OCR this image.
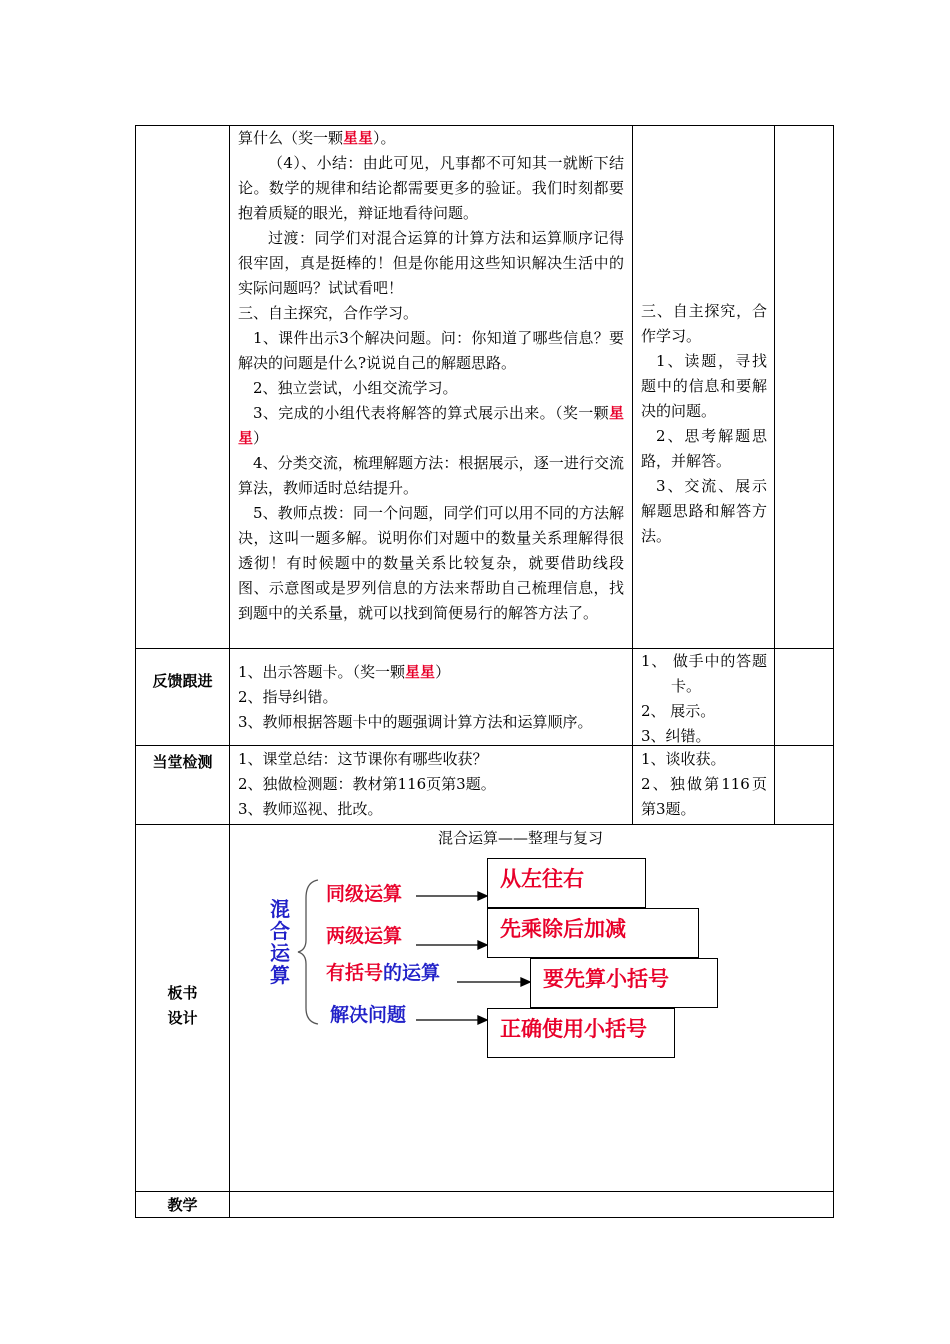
算什么（奖一颗星星）。

（4）、小结：由此可见，凡事都不可知其一就断下结论。数学的规律和结论都需要更多的验证。我们时刻都要抱着质疑的眼光，辩证地看待问题。

过渡：同学们对混合运算的计算方法和运算顺序记得很牢固，真是挺棒的！但是你能用这些知识解决生活中的实际问题吗？试试看吧！

三、自主探究，合作学习。

1、课件出示3个解决问题。问：你知道了哪些信息？要解决的问题是什么?说说自己的解题思路。

2、独立尝试，小组交流学习。

3、完成的小组代表将解答的算式展示出来。（奖一颗星星）

4、分类交流，梳理解题方法：根据展示，逐一进行交流算法，教师适时总结提升。

5、教师点拨：同一个问题，同学们可以用不同的方法解决，这叫一题多解。说明你们对题中的数量关系理解得很透彻！有时候题中的数量关系比较复杂，就要借助线段图、示意图或是罗列信息的方法来帮助自己梳理信息，找到题中的关系量，就可以找到简便易行的解答方法了。

三、自主探究，合作学习。

1、读题，寻找题中的信息和要解决的问题。

2、思考解题思路，并解答。

3、交流、展示解题思路和解答方法。

反馈跟进	1、出示答题卡。（奖一颗星星）

2、指导纠错。

3、教师根据答题卡中的题强调计算方法和运算顺序。

1、 做手中的答题卡。

2、 展示。

3、纠错。

当堂检测	1、课堂总结：这节课你有哪些收获？

2、独做检测题：教材第116页第3题。

3、教师巡视、批改。

1、谈收获。

2、独做第116页第3题。

板书
设计
混合运算——整理与复习
混合运算
同级运算
两级运算
有括号的运算
解决问题
从左往右
先乘除后加减
要先算小括号
正确使用小括号
教学
